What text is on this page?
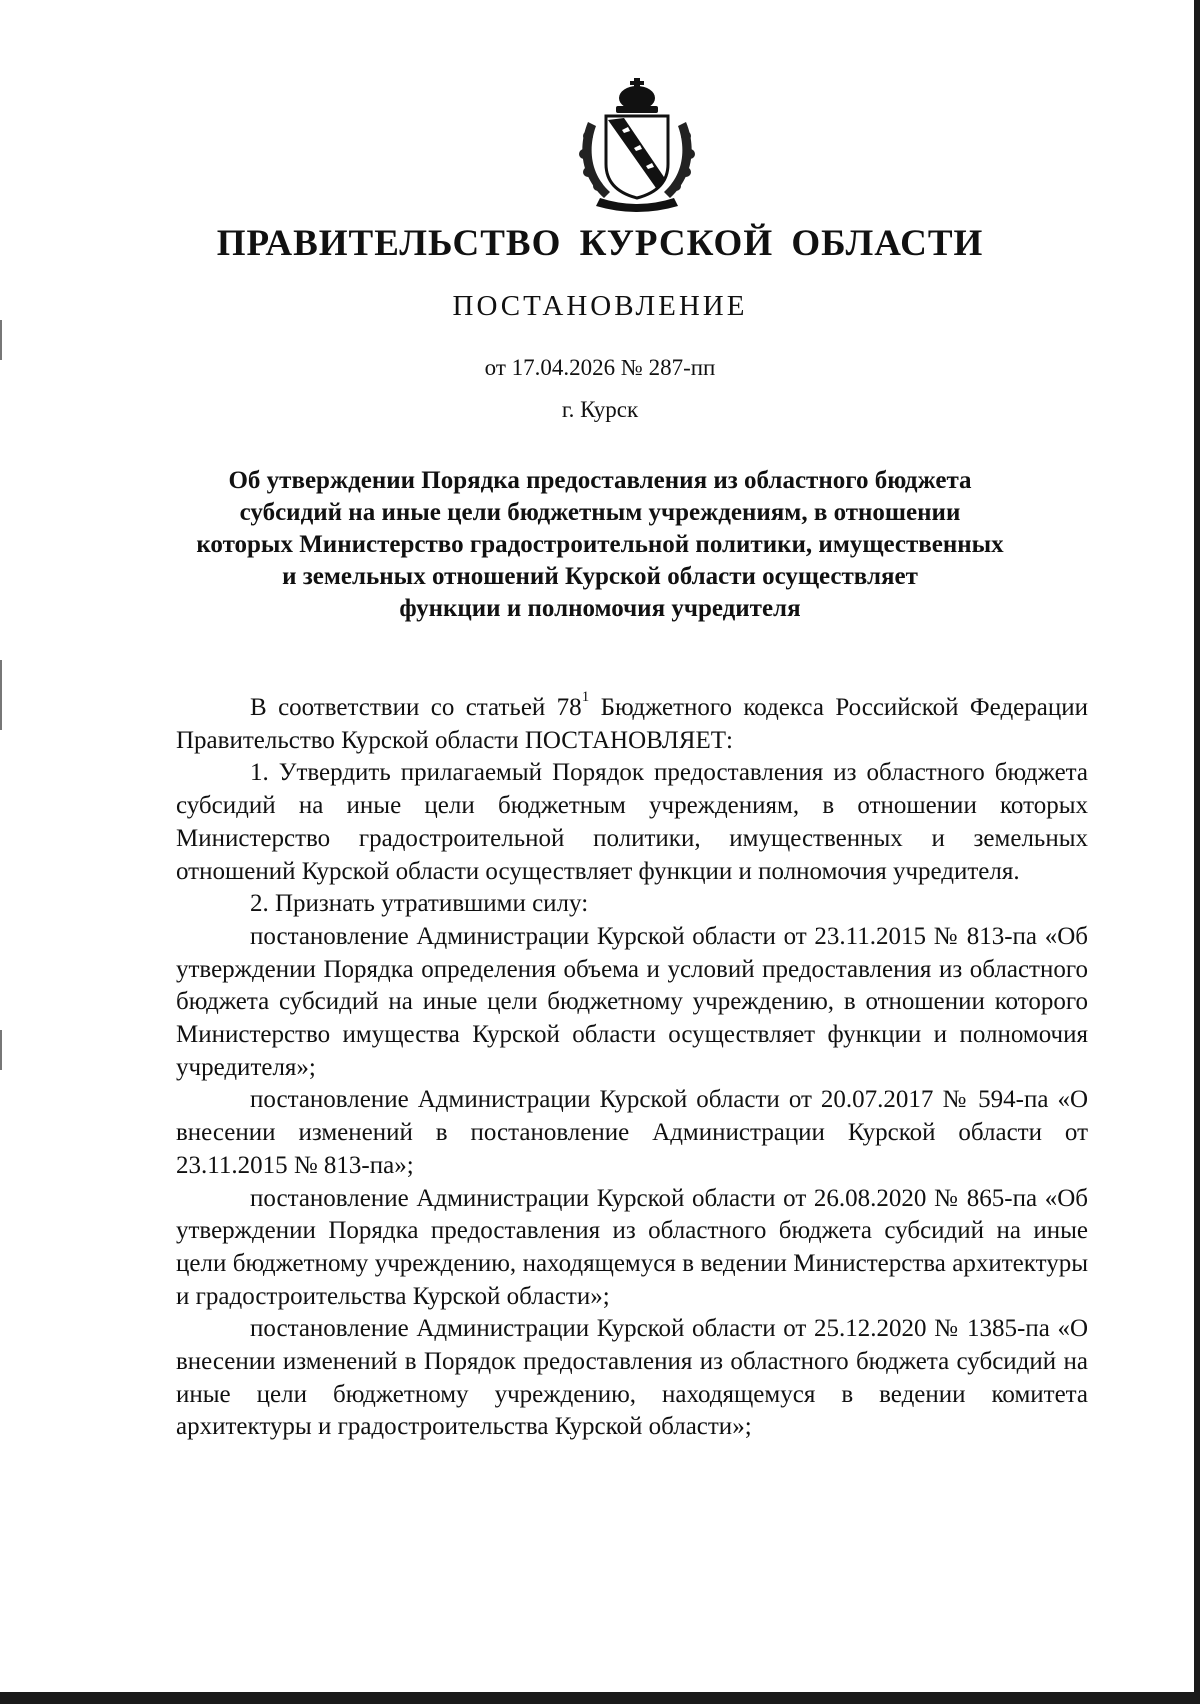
ПРАВИТЕЛЬСТВО КУРСКОЙ ОБЛАСТИ
ПОСТАНОВЛЕНИЕ
от 17.04.2026 № 287-пп
г. Курск
Об утверждении Порядка предоставления из областного бюджета
субсидий на иные цели бюджетным учреждениям, в отношении
которых Министерство градостроительной политики, имущественных
и земельных отношений Курской области осуществляет
функции и полномочия учредителя

В соответствии со статьей $78^1$ Бюджетного кодекса Российской Федерации Правительство Курской области ПОСТАНОВЛЯЕТ:

1. Утвердить прилагаемый Порядок предоставления из областного бюджета субсидий на иные цели бюджетным учреждениям, в отношении которых Министерство градостроительной политики, имущественных и земельных отношений Курской области осуществляет функции и полномочия учредителя.

2. Признать утратившими силу:

постановление Администрации Курской области от 23.11.2015 № 813-па «Об утверждении Порядка определения объема и условий предоставления из областного бюджета субсидий на иные цели бюджетному учреждению, в отношении которого Министерство имущества Курской области осуществляет функции и полномочия учредителя»;

постановление Администрации Курской области от 20.07.2017 № 594-па «О внесении изменений в постановление Администрации Курской области от 23.11.2015 № 813-па»;

постановление Администрации Курской области от 26.08.2020 № 865-па «Об утверждении Порядка предоставления из областного бюджета субсидий на иные цели бюджетному учреждению, находящемуся в ведении Министерства архитектуры и градостроительства Курской области»;

постановление Администрации Курской области от 25.12.2020 № 1385-па «О внесении изменений в Порядок предоставления из областного бюджета субсидий на иные цели бюджетному учреждению, находящемуся в ведении комитета архитектуры и градостроительства Курской области»;
